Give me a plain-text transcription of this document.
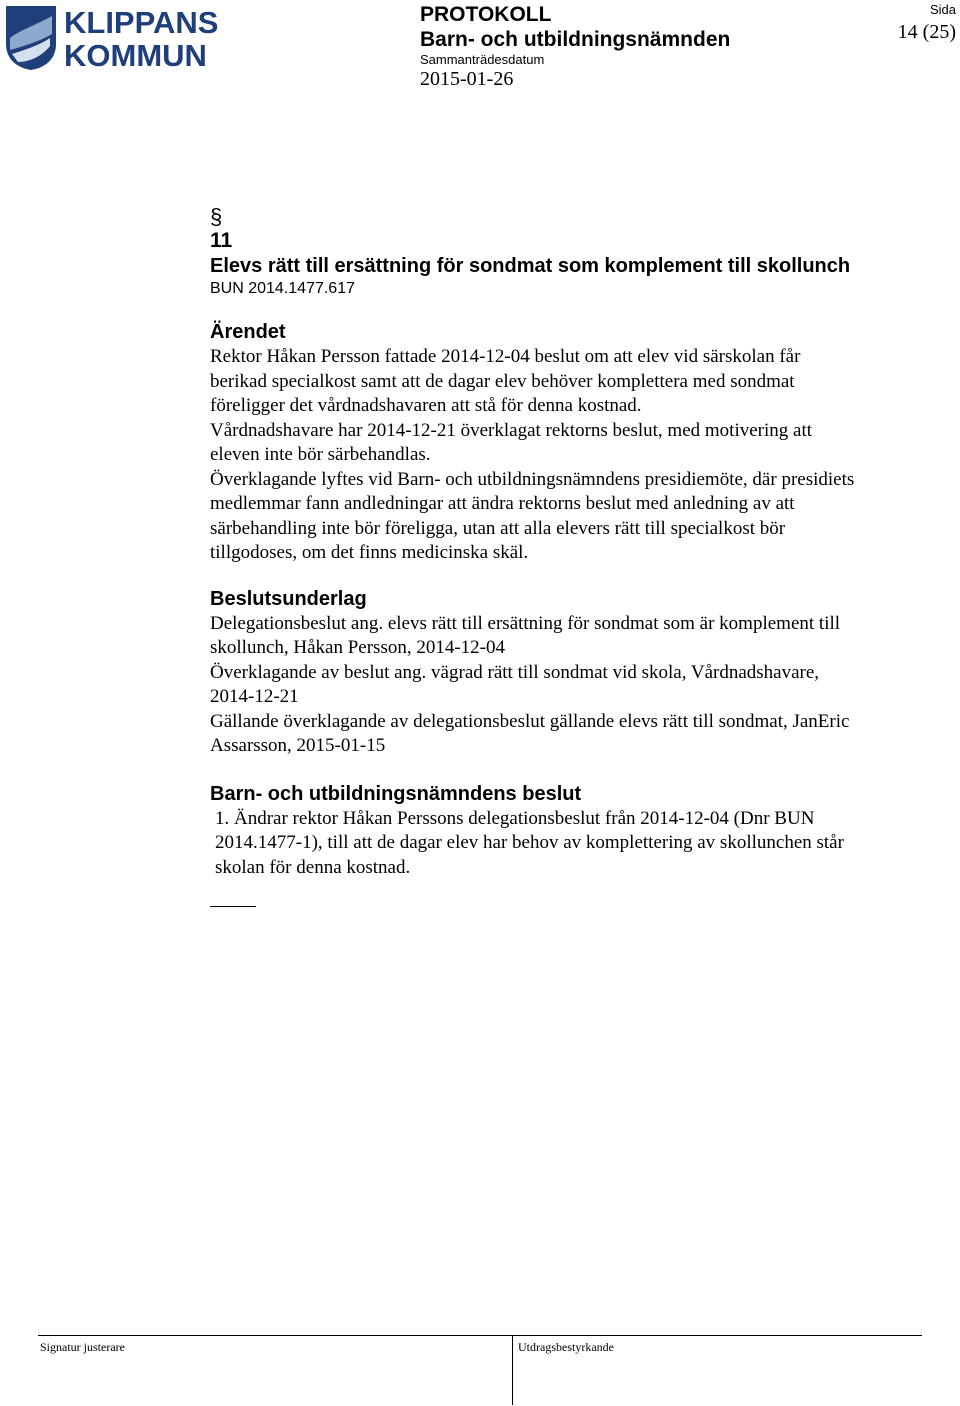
KLIPPANS
KOMMUN
PROTOKOLL
Barn- och utbildningsnämnden
Sammanträdesdatum
2015-01-26
Sida
14 (25)
§
11
Elevs rätt till ersättning för sondmat som komplement till skollunch
BUN 2014.1477.617
Ärendet

Rektor Håkan Persson fattade 2014-12-04 beslut om att elev vid särskolan får

berikad specialkost samt att de dagar elev behöver komplettera med sondmat

föreligger det vårdnadshavaren att stå för denna kostnad.

Vårdnadshavare har 2014-12-21 överklagat rektorns beslut, med motivering att

eleven inte bör särbehandlas.

Överklagande lyftes vid Barn- och utbildningsnämndens presidiemöte, där presidiets

medlemmar fann andledningar att ändra rektorns beslut med anledning av att

särbehandling inte bör föreligga, utan att alla elevers rätt till specialkost bör

tillgodoses, om det finns medicinska skäl.

Beslutsunderlag

Delegationsbeslut ang. elevs rätt till ersättning för sondmat som är komplement till

skollunch, Håkan Persson, 2014-12-04

Överklagande av beslut ang. vägrad rätt till sondmat vid skola, Vårdnadshavare,

2014-12-21

Gällande överklagande av delegationsbeslut gällande elevs rätt till sondmat, JanEric

Assarsson, 2015-01-15

Barn- och utbildningsnämndens beslut

1. Ändrar rektor Håkan Perssons delegationsbeslut från 2014-12-04 (Dnr BUN

2014.1477-1), till att de dagar elev har behov av komplettering av skollunchen står

skolan för denna kostnad.

Signatur justerare	Utdragsbestyrkande
